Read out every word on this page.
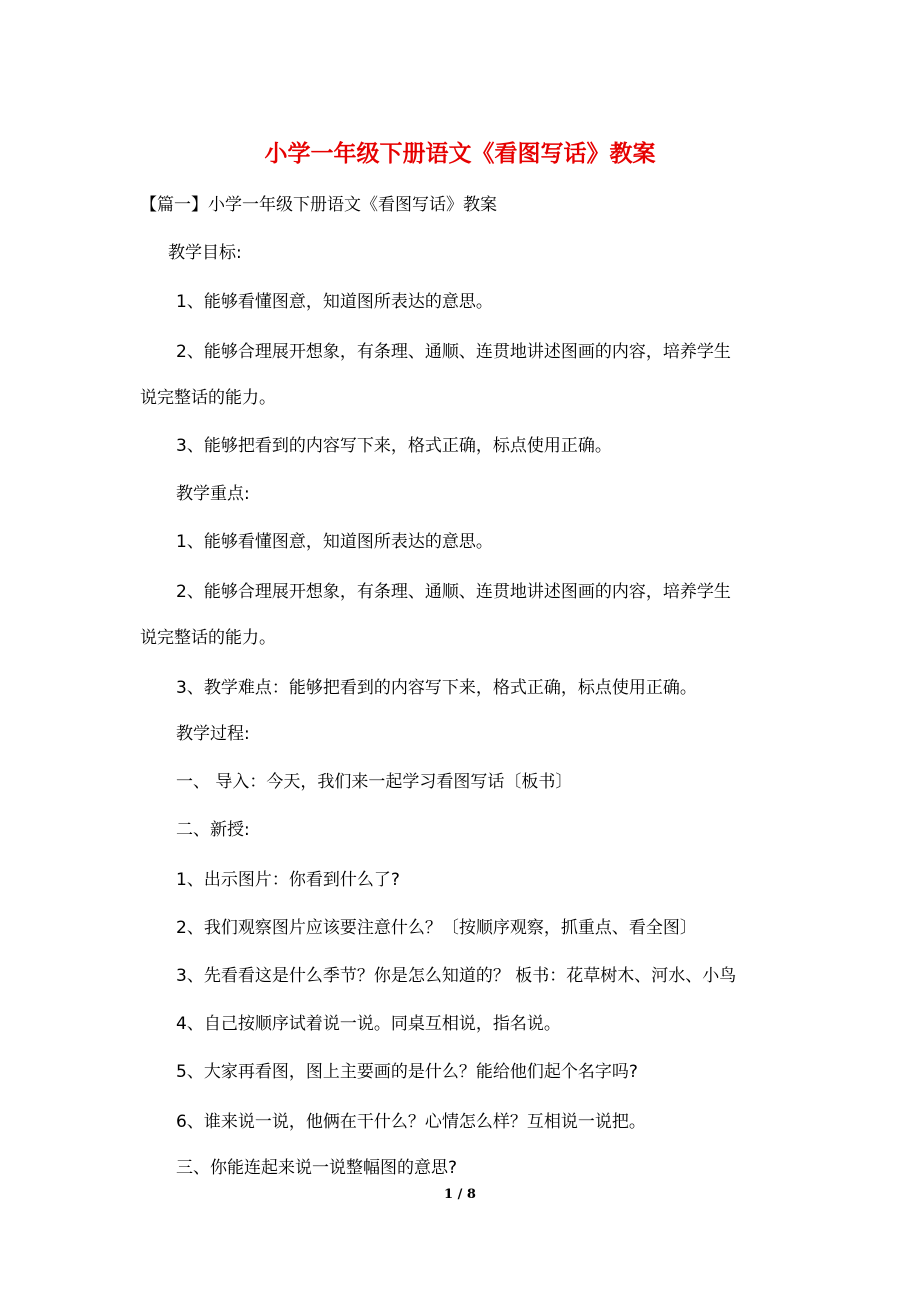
小学一年级下册语文《看图写话》教案
【篇一】小学一年级下册语文《看图写话》教案
教学目标:
1、能够看懂图意，知道图所表达的意思。
2、能够合理展开想象，有条理、通顺、连贯地讲述图画的内容，培养学生
说完整话的能力。
3、能够把看到的内容写下来，格式正确，标点使用正确。
教学重点:
1、能够看懂图意，知道图所表达的意思。
2、能够合理展开想象，有条理、通顺、连贯地讲述图画的内容，培养学生
说完整话的能力。
3、教学难点：能够把看到的内容写下来，格式正确，标点使用正确。
教学过程:
一、 导入：今天，我们来一起学习看图写话〔板书〕
二、新授:
1、出示图片：你看到什么了?
2、我们观察图片应该要注意什么？〔按顺序观察，抓重点、看全图〕
3、先看看这是什么季节？你是怎么知道的？ 板书：花草树木、河水、小鸟
4、自己按顺序试着说一说。同桌互相说，指名说。
5、大家再看图，图上主要画的是什么？能给他们起个名字吗?
6、谁来说一说，他俩在干什么？心情怎么样？互相说一说把。
三、你能连起来说一说整幅图的意思?
1 / 8
